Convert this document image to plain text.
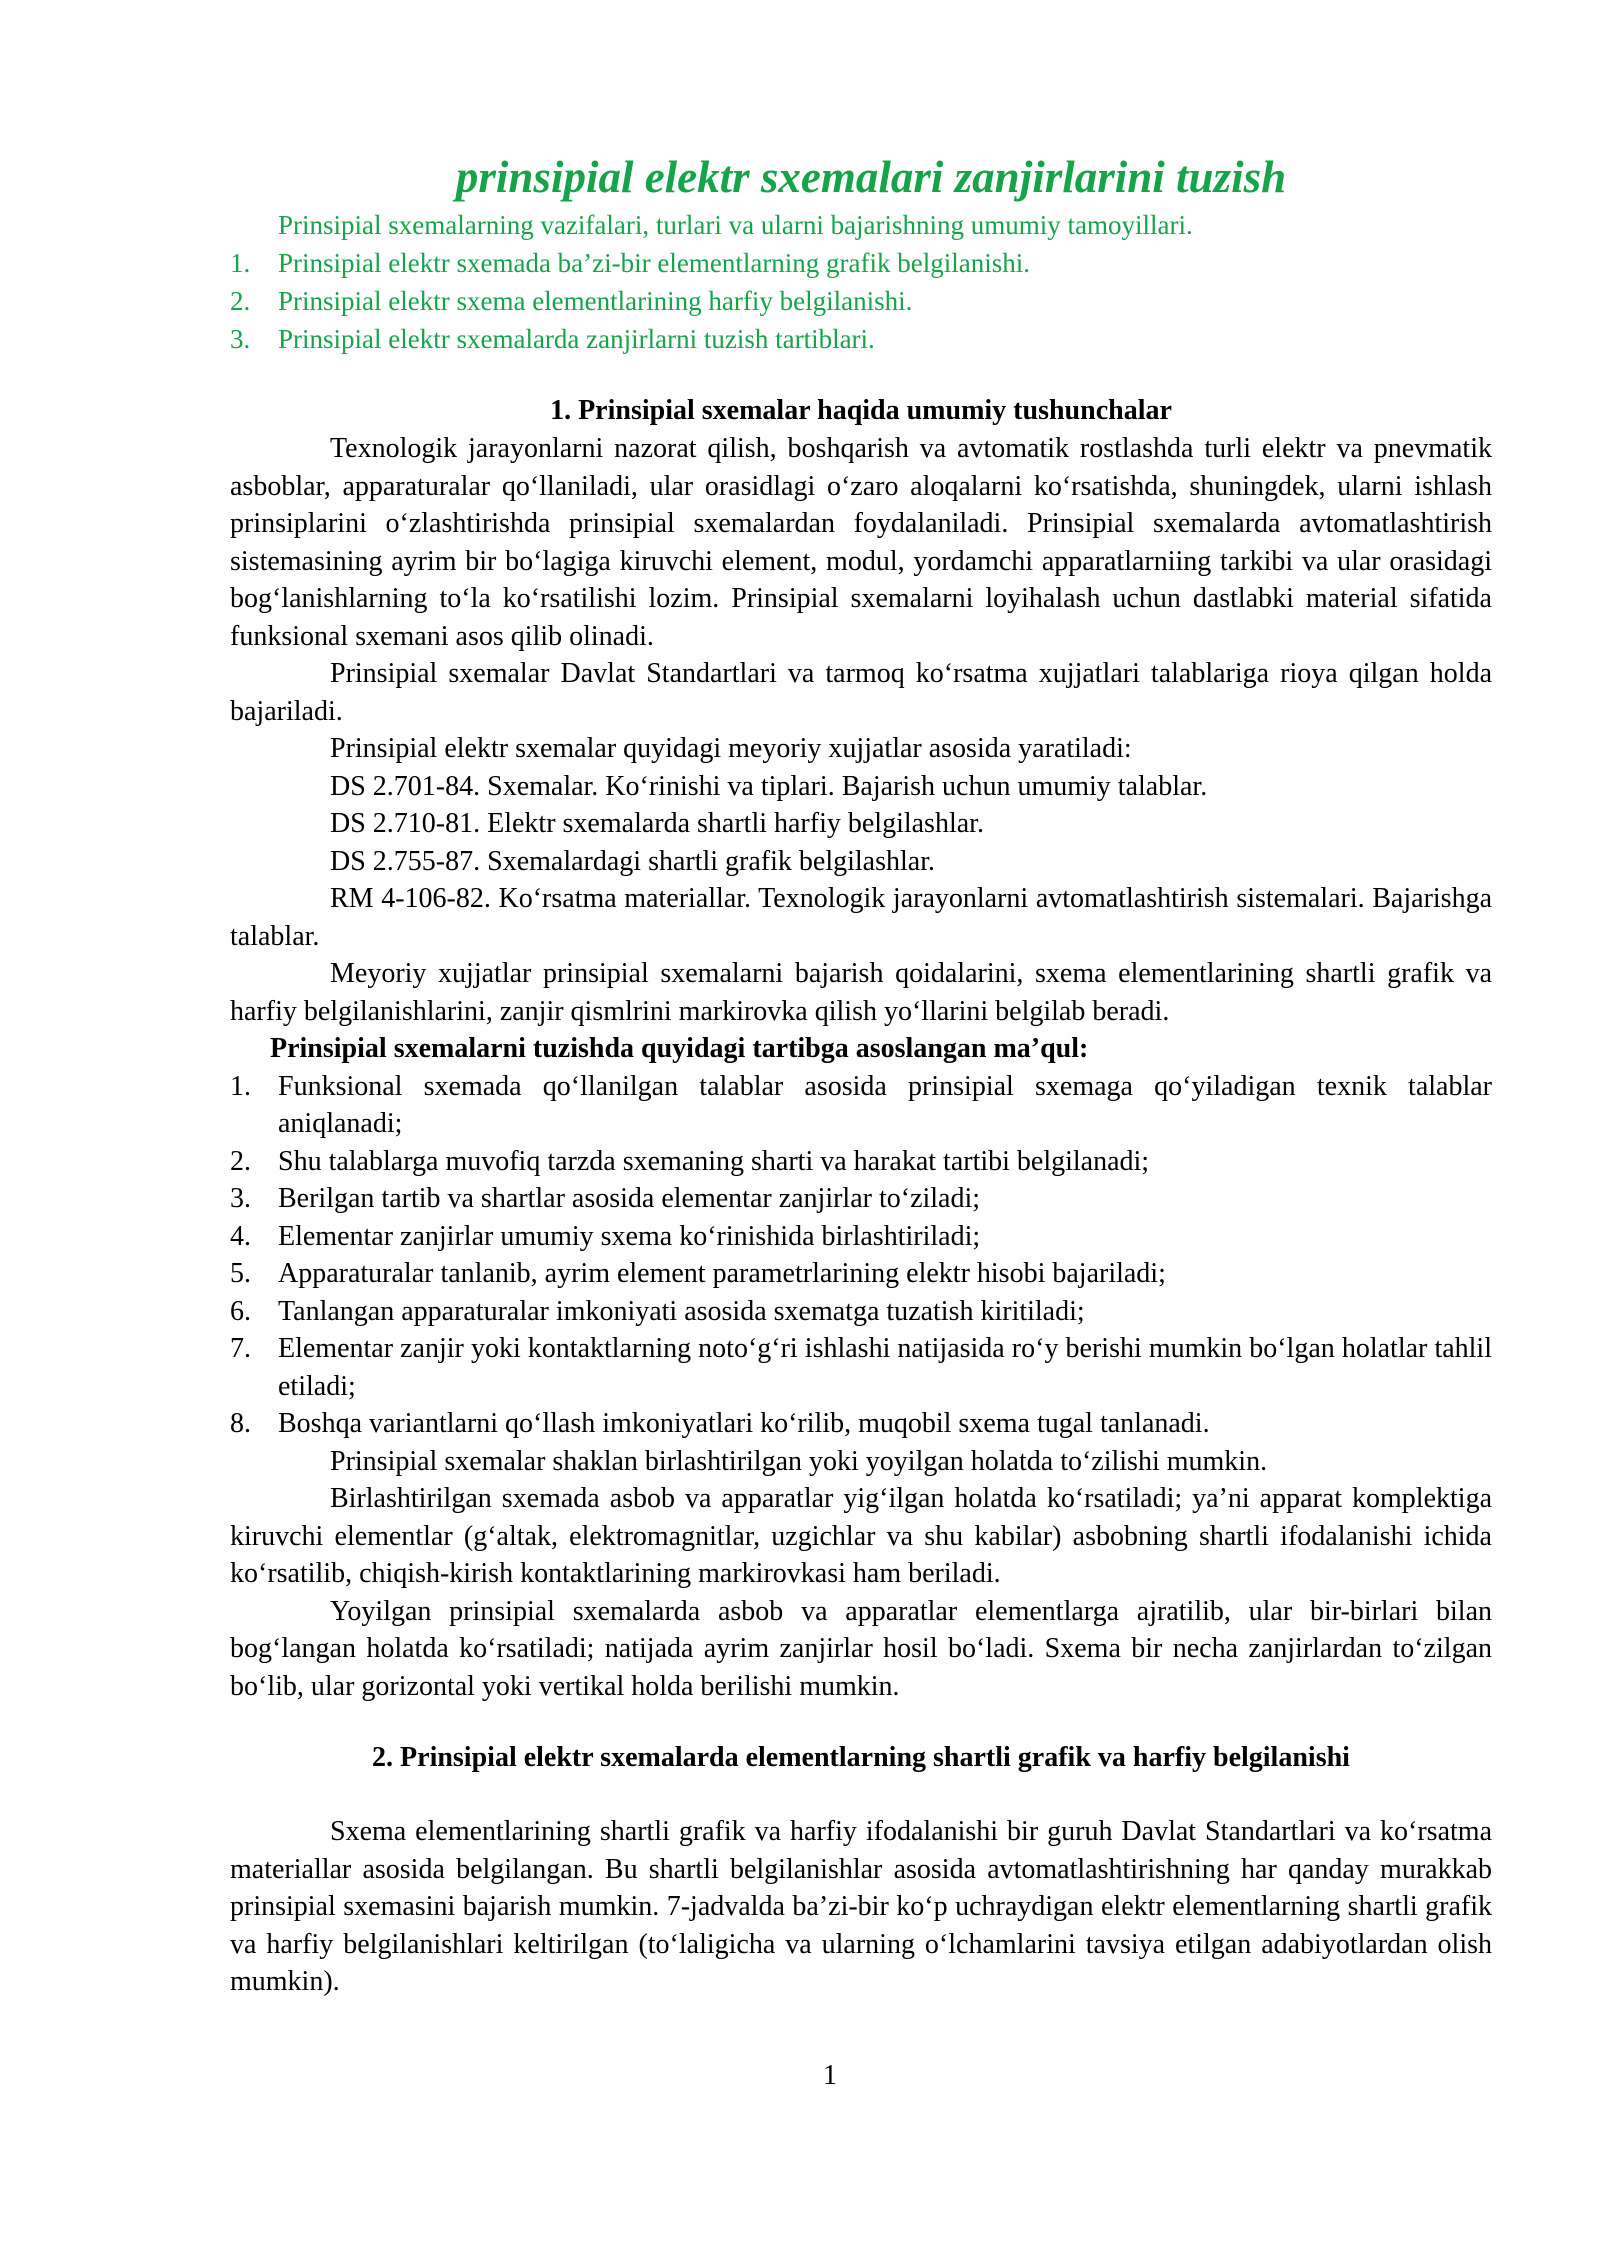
prinsipial elektr sxemalari zanjirlarini tuzish
Prinsipial sxemalarning vazifalari, turlari va ularni bajarishning umumiy tamoyillari.
1.	Prinsipial elektr sxemada ba’zi-bir elementlarning grafik belgilanishi.
2.	Prinsipial elektr sxema elementlarining harfiy belgilanishi.
3.	Prinsipial elektr sxemalarda zanjirlarni tuzish tartiblari.
1. Prinsipial sxemalar haqida umumiy tushunchalar

Texnologik jarayonlarni nazorat qilish, boshqarish va avtomatik rostlashda turli elektr va pnevmatik asboblar, apparaturalar qo‘llaniladi, ular orasidlagi o‘zaro aloqalarni ko‘rsatishda, shuningdek, ularni ishlash prinsiplarini o‘zlashtirishda prinsipial sxemalardan foydalaniladi. Prinsipial sxemalarda avtomatlashtirish sistemasining ayrim bir bo‘lagiga kiruvchi element, modul, yordamchi apparatlarniing tarkibi va ular orasidagi bog‘lanishlarning to‘la ko‘rsatilishi lozim. Prinsipial sxemalarni loyihalash uchun dastlabki material sifatida funksional sxemani asos qilib olinadi.

Prinsipial sxemalar Davlat Standartlari va tarmoq ko‘rsatma xujjatlari talablariga rioya qilgan holda bajariladi.

Prinsipial elektr sxemalar quyidagi meyoriy xujjatlar asosida yaratiladi:

DS 2.701-84. Sxemalar. Ko‘rinishi va tiplari. Bajarish uchun umumiy talablar.

DS 2.710-81. Elektr sxemalarda shartli harfiy belgilashlar.

DS 2.755-87. Sxemalardagi shartli grafik belgilashlar.

RM 4-106-82. Ko‘rsatma materiallar. Texnologik jarayonlarni avtomatlashtirish sistemalari. Bajarishga talablar.

Meyoriy xujjatlar prinsipial sxemalarni bajarish qoidalarini, sxema elementlarining shartli grafik va harfiy belgilanishlarini, zanjir qismlrini markirovka qilish yo‘llarini belgilab beradi.

Prinsipial sxemalarni tuzishda quyidagi tartibga asoslangan ma’qul:
1. Funksional sxemada qo‘llanilgan talablar asosida prinsipial sxemaga qo‘yiladigan texnik talablar aniqlanadi;
2. Shu talablarga muvofiq tarzda sxemaning sharti va harakat tartibi belgilanadi;
3. Berilgan tartib va shartlar asosida elementar zanjirlar to‘ziladi;
4. Elementar zanjirlar umumiy sxema ko‘rinishida birlashtiriladi;
5. Apparaturalar tanlanib, ayrim element parametrlarining elektr hisobi bajariladi;
6. Tanlangan apparaturalar imkoniyati asosida sxematga tuzatish kiritiladi;
7. Elementar zanjir yoki kontaktlarning noto‘g‘ri ishlashi natijasida ro‘y berishi mumkin bo‘lgan holatlar tahlil etiladi;
8. Boshqa variantlarni qo‘llash imkoniyatlari ko‘rilib, muqobil sxema tugal tanlanadi.

Prinsipial sxemalar shaklan birlashtirilgan yoki yoyilgan holatda to‘zilishi mumkin.

Birlashtirilgan sxemada asbob va apparatlar yig‘ilgan holatda ko‘rsatiladi; ya’ni apparat komplektiga kiruvchi elementlar (g‘altak, elektromagnitlar, uzgichlar va shu kabilar) asbobning shartli ifodalanishi ichida ko‘rsatilib, chiqish-kirish kontaktlarining markirovkasi ham beriladi.

Yoyilgan prinsipial sxemalarda asbob va apparatlar elementlarga ajratilib, ular bir-birlari bilan bog‘langan holatda ko‘rsatiladi; natijada ayrim zanjirlar hosil bo‘ladi. Sxema bir necha zanjirlardan to‘zilgan bo‘lib, ular gorizontal yoki vertikal holda berilishi mumkin.

2. Prinsipial elektr sxemalarda elementlarning shartli grafik va harfiy belgilanishi

Sxema elementlarining shartli grafik va harfiy ifodalanishi bir guruh Davlat Standartlari va ko‘rsatma materiallar asosida belgilangan. Bu shartli belgilanishlar asosida avtomatlashtirishning har qanday murakkab prinsipial sxemasini bajarish mumkin. 7-jadvalda ba’zi-bir ko‘p uchraydigan elektr elementlarning shartli grafik va harfiy belgilanishlari keltirilgan (to‘laligicha va ularning o‘lchamlarini tavsiya etilgan adabiyotlardan olish mumkin).

1
